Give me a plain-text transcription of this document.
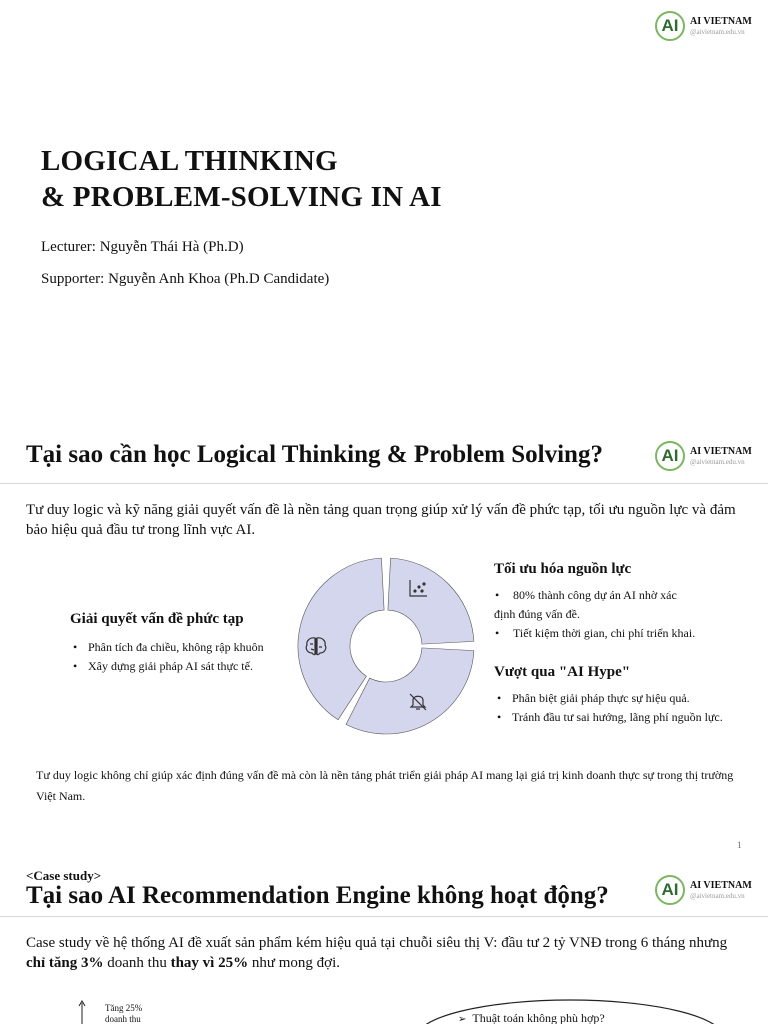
AI	AI VIETNAM
@aivietnam.edu.vn
LOGICAL THINKING
& PROBLEM-SOLVING IN AI
Lecturer: Nguyễn Thái Hà (Ph.D)
Supporter: Nguyễn Anh Khoa (Ph.D Candidate)
Tại sao cần học Logical Thinking & Problem Solving?	AI	AI VIETNAM
@aivietnam.edu.vn
Tư duy logic và kỹ năng giải quyết vấn đề là nền tảng quan trọng giúp xử lý vấn đề phức tạp, tối ưu nguồn lực và đảm bảo hiệu quả đầu tư trong lĩnh vực AI.
Giải quyết vấn đề phức tạp
• Phân tích đa chiều, không rập khuôn
• Xây dựng giải pháp AI sát thực tế.
Tối ưu hóa nguồn lực
• 80% thành công dự án AI nhờ xác
định đúng vấn đề.
• Tiết kiệm thời gian, chi phí triển khai.
Vượt qua "AI Hype"
• Phân biệt giải pháp thực sự hiệu quả.
• Tránh đầu tư sai hướng, lãng phí nguồn lực.
Tư duy logic không chỉ giúp xác định đúng vấn đề mà còn là nền tảng phát triển giải pháp AI mang lại giá trị kinh doanh thực sự trong thị trường Việt Nam.
1
<Case study>
Tại sao AI Recommendation Engine không hoạt động?	AI	AI VIETNAM
@aivietnam.edu.vn
Case study về hệ thống AI đề xuất sản phẩm kém hiệu quả tại chuỗi siêu thị V: đầu tư 2 tỷ VNĐ trong 6 tháng nhưng chỉ tăng 3% doanh thu thay vì 25% như mong đợi.
Tăng 25%
doanh thu	➢ Thuật toán không phù hợp?
